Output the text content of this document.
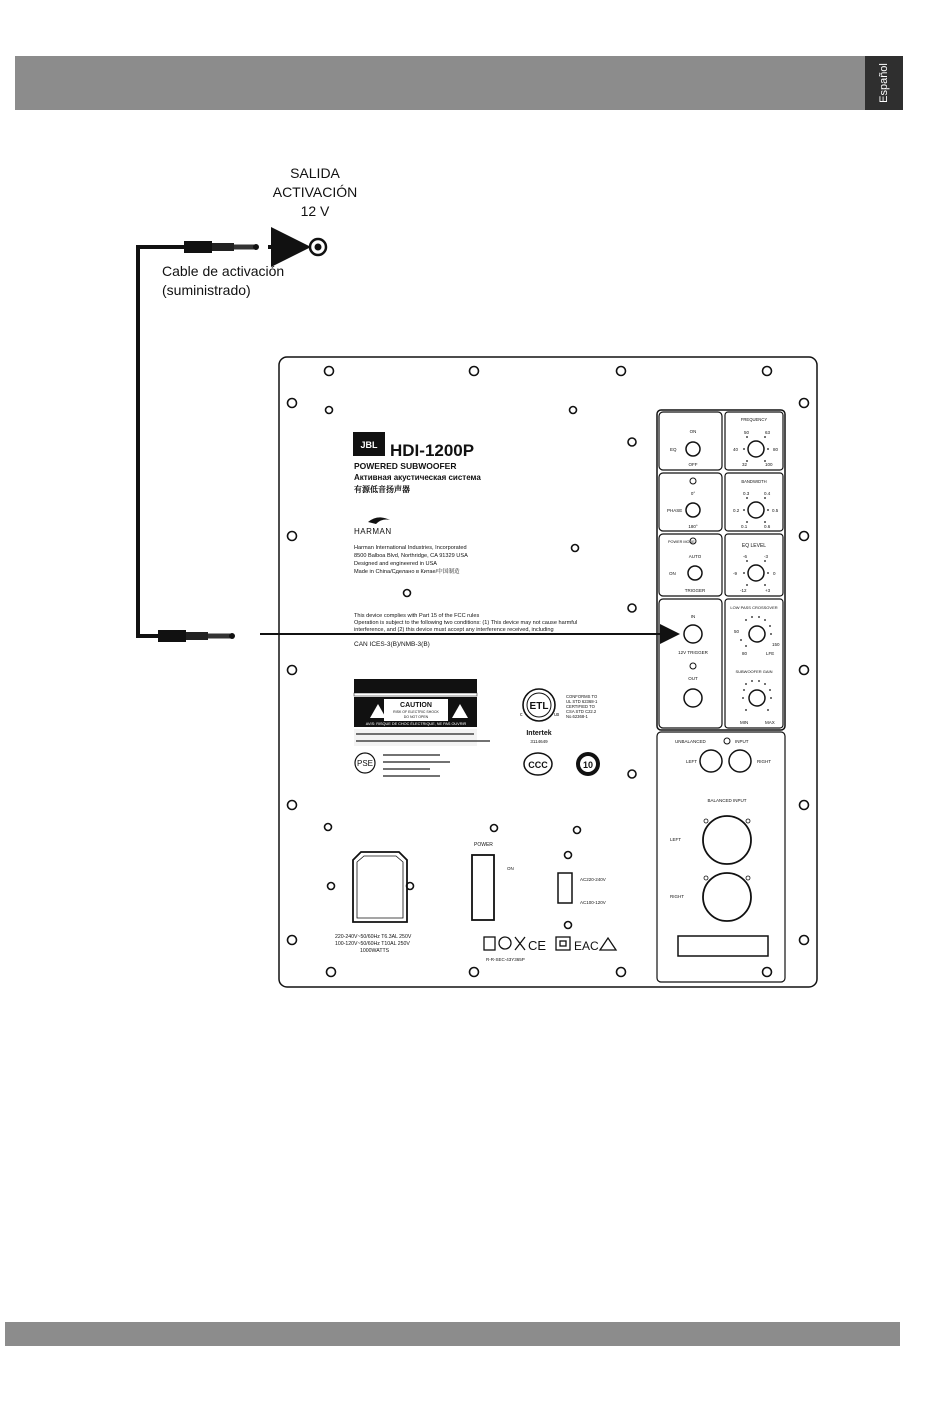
Español
SALIDA
ACTIVACIÓN
12 V
Cable de activación
(suministrado)
JBL HDI-1200P
POWERED SUBWOOFER
Активная акустическая система
有源低音扬声器
HARMAN
Harman International Industries, Incorporated
8500 Balboa Blvd, Northridge, CA 91329 USA
Designed and engineered in USA
Made in China/Сделано в Китае/中国制造
This device complies with Part 15 of the FCC rules
Operation is subject to the following two conditions: (1) This device may not cause harmful
interference, and (2) this device must accept any interference received, including
CAN ICES-3(B)/NMB-3(B)
CAUTION
RISK OF ELECTRIC SHOCK
DO NOT OPEN
AVIS: RISQUE DE CHOC ÉLECTRIQUE, NE PAS OUVRIR
PSE
ETL
c	us
Intertek
3114649
CONFORMS TO
UL STD 62368-1
CERTIFIED TO
CSA STD C22.2
No.62368-1
CCC	10
220-240V~50/60Hz T6.3AL 250V
100-120V~50/60Hz T10AL 250V
1000WATTS
POWER
ON
AC220-240V
AC100-120V
CE EAC
R-R-SEC-43Y365P
ON
EQ
OFF
FREQUENCY
50	63
40	80
32	100
0°
PHASE
180°
BANDWIDTH
0.3	0.4
0.2	0.5
0.1	0.6
POWER MODE
AUTO
ON
TRIGGER
EQ LEVEL
-6	-3
-9	0
-12	+3
IN
12V TRIGGER
OUT
LOW PASS CROSSOVER
50
150
80	LFE
SUBWOOFER GAIN
MIN	MAX
UNBALANCED	INPUT
LEFT	RIGHT
BALANCED INPUT
LEFT
RIGHT
